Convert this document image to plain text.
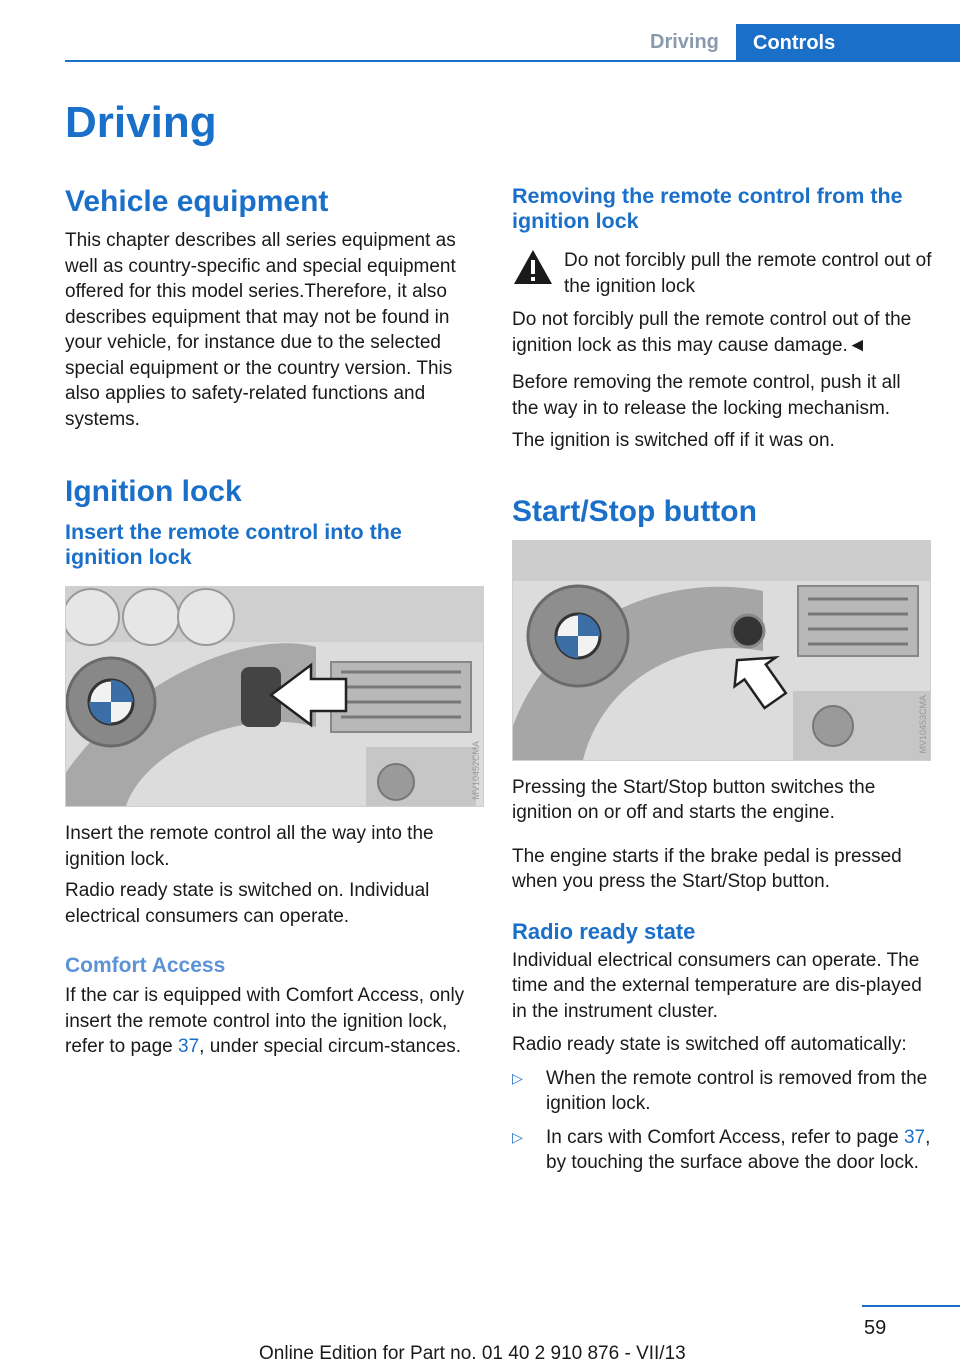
Driving	Controls
Driving
Vehicle equipment

This chapter describes all series equipment as well as country-specific and special equipment offered for this model series.Therefore, it also describes equipment that may not be found in your vehicle, for instance due to the selected special equipment or the country version. This also applies to safety-related functions and systems.

Ignition lock
Insert the remote control into the ignition lock
MV10452CMA

Insert the remote control all the way into the ignition lock.

Radio ready state is switched on. Individual electrical consumers can operate.

Comfort Access

If the car is equipped with Comfort Access, only insert the remote control into the ignition lock, refer to page 37, under special circum‐stances.

Removing the remote control from the ignition lock

Do not forcibly pull the remote control out of the ignition lock

Do not forcibly pull the remote control out of the ignition lock as this may cause damage.◄

Before removing the remote control, push it all the way in to release the locking mechanism.

The ignition is switched off if it was on.

Start/Stop button
MV10453CMA

Pressing the Start/Stop button switches the ignition on or off and starts the engine.

The engine starts if the brake pedal is pressed when you press the Start/Stop button.

Radio ready state

Individual electrical consumers can operate. The time and the external temperature are dis‐played in the instrument cluster.

Radio ready state is switched off automatically:

▷	When the remote control is removed from the ignition lock.
▷	In cars with Comfort Access, refer to page 37, by touching the surface above the door lock.
59
Online Edition for Part no. 01 40 2 910 876 - VII/13
